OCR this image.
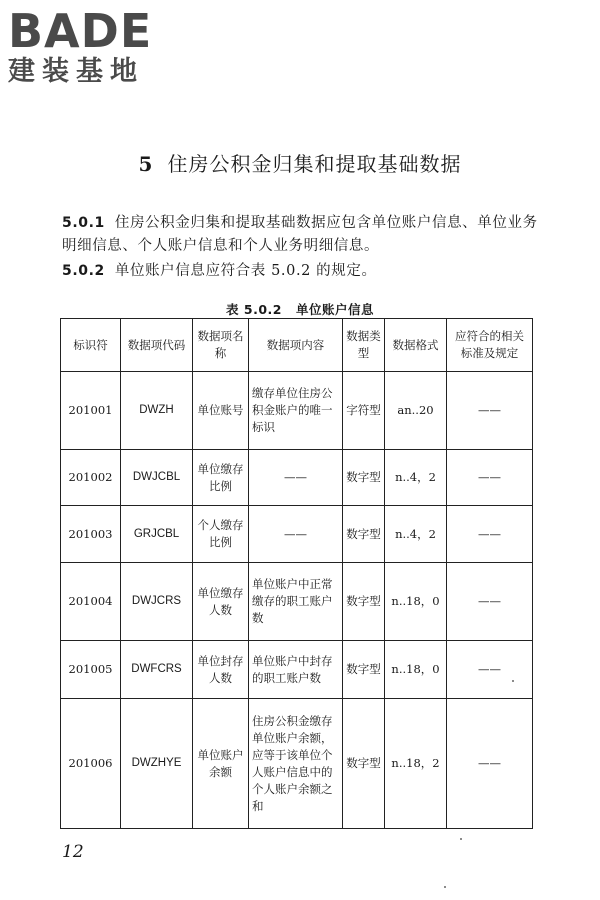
BADE
建装基地
5 住房公积金归集和提取基础数据
5.0.1 住房公积金归集和提取基础数据应包含单位账户信息、单位业务明细信息、个人账户信息和个人业务明细信息。
5.0.2 单位账户信息应符合表 5.0.2 的规定。
表 5.0.2 单位账户信息
标识符	数据项代码	数据项名称	数据项内容	数据类型	数据格式	应符合的相关标准及规定
201001	DWZH	单位账号	缴存单位住房公积金账户的唯一标识	字符型	an..20	——
201002	DWJCBL	单位缴存比例	——	数字型	n..4，2	——
201003	GRJCBL	个人缴存比例	——	数字型	n..4，2	——
201004	DWJCRS	单位缴存人数	单位账户中正常缴存的职工账户数	数字型	n..18，0	——
201005	DWFCRS	单位封存人数	单位账户中封存的职工账户数	数字型	n..18，0	——
201006	DWZHYE	单位账户余额	住房公积金缴存单位账户余额，应等于该单位个人账户信息中的个人账户余额之和	数字型	n..18，2	——
12
